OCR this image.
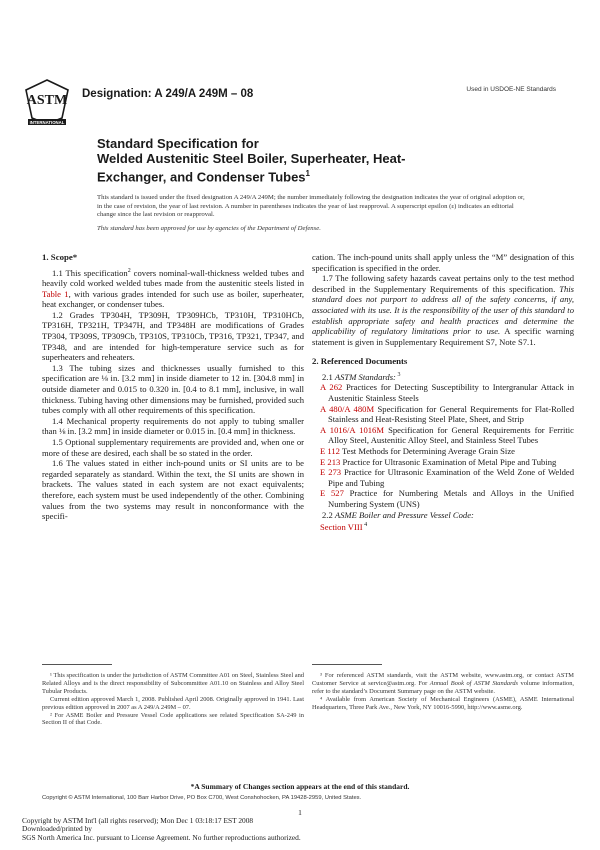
ASTM
INTERNATIONAL
Designation: A 249/A 249M – 08	Used in USDOE-NE Standards
Standard Specification for
Welded Austenitic Steel Boiler, Superheater, Heat-
Exchanger, and Condenser Tubes$^1$
This standard is issued under the fixed designation A 249/A 249M; the number immediately following the designation indicates the year of original adoption or, in the case of revision, the year of last revision. A number in parentheses indicates the year of last reapproval. A superscript epsilon (ε) indicates an editorial change since the last revision or reapproval.
This standard has been approved for use by agencies of the Department of Defense.
1. Scope*

1.1 This specification$^2$ covers nominal-wall-thickness welded tubes and heavily cold worked welded tubes made from the austenitic steels listed in Table 1, with various grades intended for such use as boiler, superheater, heat exchanger, or condenser tubes.

1.2 Grades TP304H, TP309H, TP309HCb, TP310H, TP310HCb, TP316H, TP321H, TP347H, and TP348H are modifications of Grades TP304, TP309S, TP309Cb, TP310S, TP310Cb, TP316, TP321, TP347, and TP348, and are intended for high-temperature service such as for superheaters and reheaters.

1.3 The tubing sizes and thicknesses usually furnished to this specification are ⅛ in. [3.2 mm] in inside diameter to 12 in. [304.8 mm] in outside diameter and 0.015 to 0.320 in. [0.4 to 8.1 mm], inclusive, in wall thickness. Tubing having other dimensions may be furnished, provided such tubes comply with all other requirements of this specification.

1.4 Mechanical property requirements do not apply to tubing smaller than ⅛ in. [3.2 mm] in inside diameter or 0.015 in. [0.4 mm] in thickness.

1.5 Optional supplementary requirements are provided and, when one or more of these are desired, each shall be so stated in the order.

1.6 The values stated in either inch-pound units or SI units are to be regarded separately as standard. Within the text, the SI units are shown in brackets. The values stated in each system are not exact equivalents; therefore, each system must be used independently of the other. Combining values from the two systems may result in nonconformance with the specifi-

cation. The inch-pound units shall apply unless the “M” designation of this specification is specified in the order.

1.7 The following safety hazards caveat pertains only to the test method described in the Supplementary Requirements of this specification. This standard does not purport to address all of the safety concerns, if any, associated with its use. It is the responsibility of the user of this standard to establish appropriate safety and health practices and determine the applicability of regulatory limitations prior to use. A specific warning statement is given in Supplementary Requirement S7, Note S7.1.

2. Referenced Documents

2.1 ASTM Standards: $^3$

A 262 Practices for Detecting Susceptibility to Intergranular Attack in Austenitic Stainless Steels
A 480/A 480M Specification for General Requirements for Flat-Rolled Stainless and Heat-Resisting Steel Plate, Sheet, and Strip
A 1016/A 1016M Specification for General Requirements for Ferritic Alloy Steel, Austenitic Alloy Steel, and Stainless Steel Tubes
E 112 Test Methods for Determining Average Grain Size
E 213 Practice for Ultrasonic Examination of Metal Pipe and Tubing
E 273 Practice for Ultrasonic Examination of the Weld Zone of Welded Pipe and Tubing
E 527 Practice for Numbering Metals and Alloys in the Unified Numbering System (UNS)

2.2 ASME Boiler and Pressure Vessel Code:

Section VIII $^4$

¹ This specification is under the jurisdiction of ASTM Committee A01 on Steel, Stainless Steel and Related Alloys and is the direct responsibility of Subcommittee A01.10 on Stainless and Alloy Steel Tubular Products.

Current edition approved March 1, 2008. Published April 2008. Originally approved in 1941. Last previous edition approved in 2007 as A 249/A 249M – 07.

² For ASME Boiler and Pressure Vessel Code applications see related Specification SA-249 in Section II of that Code.

³ For referenced ASTM standards, visit the ASTM website, www.astm.org, or contact ASTM Customer Service at service@astm.org. For Annual Book of ASTM Standards volume information, refer to the standard’s Document Summary page on the ASTM website.

⁴ Available from American Society of Mechanical Engineers (ASME), ASME International Headquarters, Three Park Ave., New York, NY 10016-5990, http://www.asme.org.

*A Summary of Changes section appears at the end of this standard.
Copyright © ASTM International, 100 Barr Harbor Drive, PO Box C700, West Conshohocken, PA 19428-2959, United States.
1
Copyright by ASTM Int'l (all rights reserved); Mon Dec 1 03:18:17 EST 2008
Downloaded/printed by
SGS North America Inc. pursuant to License Agreement. No further reproductions authorized.
